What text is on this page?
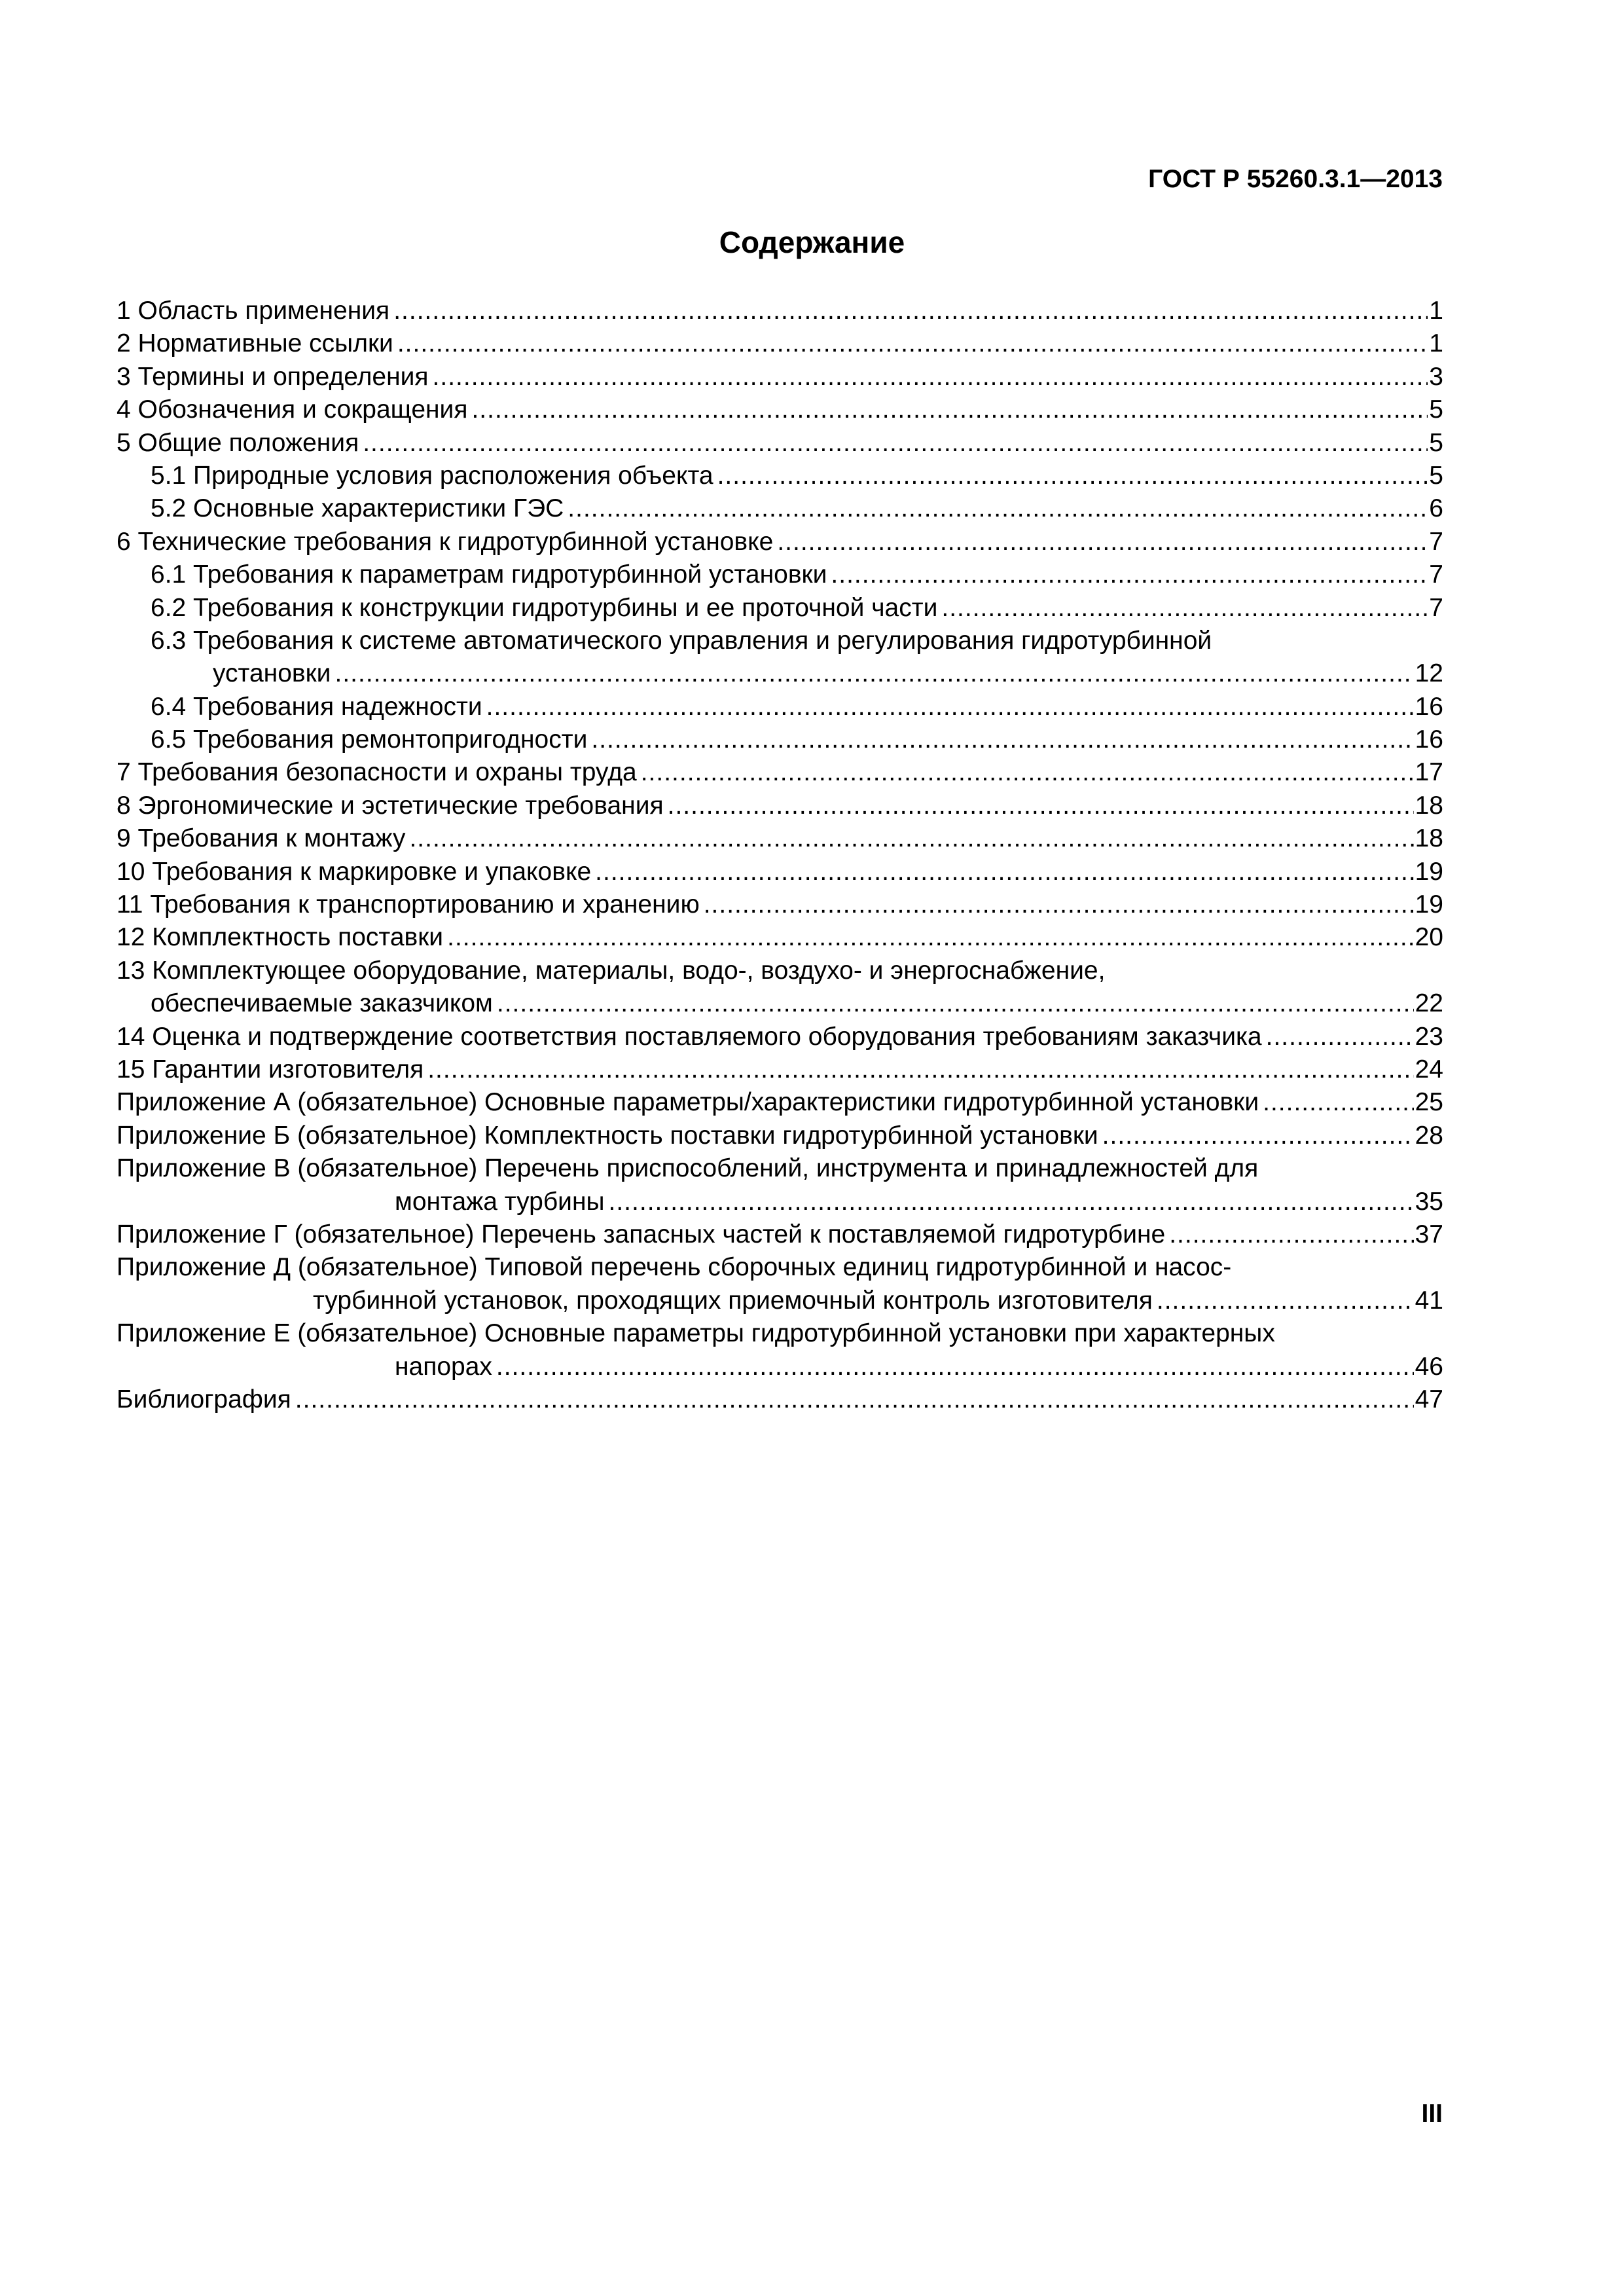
ГОСТ Р 55260.3.1—2013
Содержание
1 Область применения .....	1
2 Нормативные ссылки .....	1
3 Термины и определения .....	3
4 Обозначения и сокращения .....	5
5 Общие положения .....	5
5.1 Природные условия расположения объекта .....	5
5.2 Основные характеристики ГЭС .....	6
6 Технические требования к гидротурбинной установке .....	7
6.1 Требования к параметрам гидротурбинной установки .....	7
6.2 Требования к конструкции гидротурбины и ее проточной части .....	7
6.3 Требования к системе автоматического управления и регулирования гидротурбинной
установки .....	12
6.4 Требования надежности .....	16
6.5 Требования ремонтопригодности .....	16
7 Требования безопасности и охраны труда .....	17
8 Эргономические и эстетические требования .....	18
9 Требования к монтажу .....	18
10 Требования к маркировке и упаковке .....	19
11 Требования к транспортированию и хранению .....	19
12 Комплектность поставки .....	20
13 Комплектующее оборудование, материалы, водо-, воздухо- и энергоснабжение,
обеспечиваемые заказчиком .....	22
14 Оценка и подтверждение соответствия поставляемого оборудования требованиям заказчика .....	23
15 Гарантии изготовителя .....	24
Приложение А (обязательное) Основные параметры/характеристики гидротурбинной установки .....	25
Приложение Б (обязательное) Комплектность поставки гидротурбинной установки .....	28
Приложение В (обязательное) Перечень приспособлений, инструмента и принадлежностей для
монтажа турбины .....	35
Приложение Г (обязательное) Перечень запасных частей к поставляемой гидротурбине .....	37
Приложение Д (обязательное) Типовой перечень сборочных единиц гидротурбинной и насос-
турбинной установок, проходящих приемочный контроль изготовителя .....	41
Приложение Е (обязательное) Основные параметры гидротурбинной установки при характерных
напорах .....	46
Библиография .....	47
III
